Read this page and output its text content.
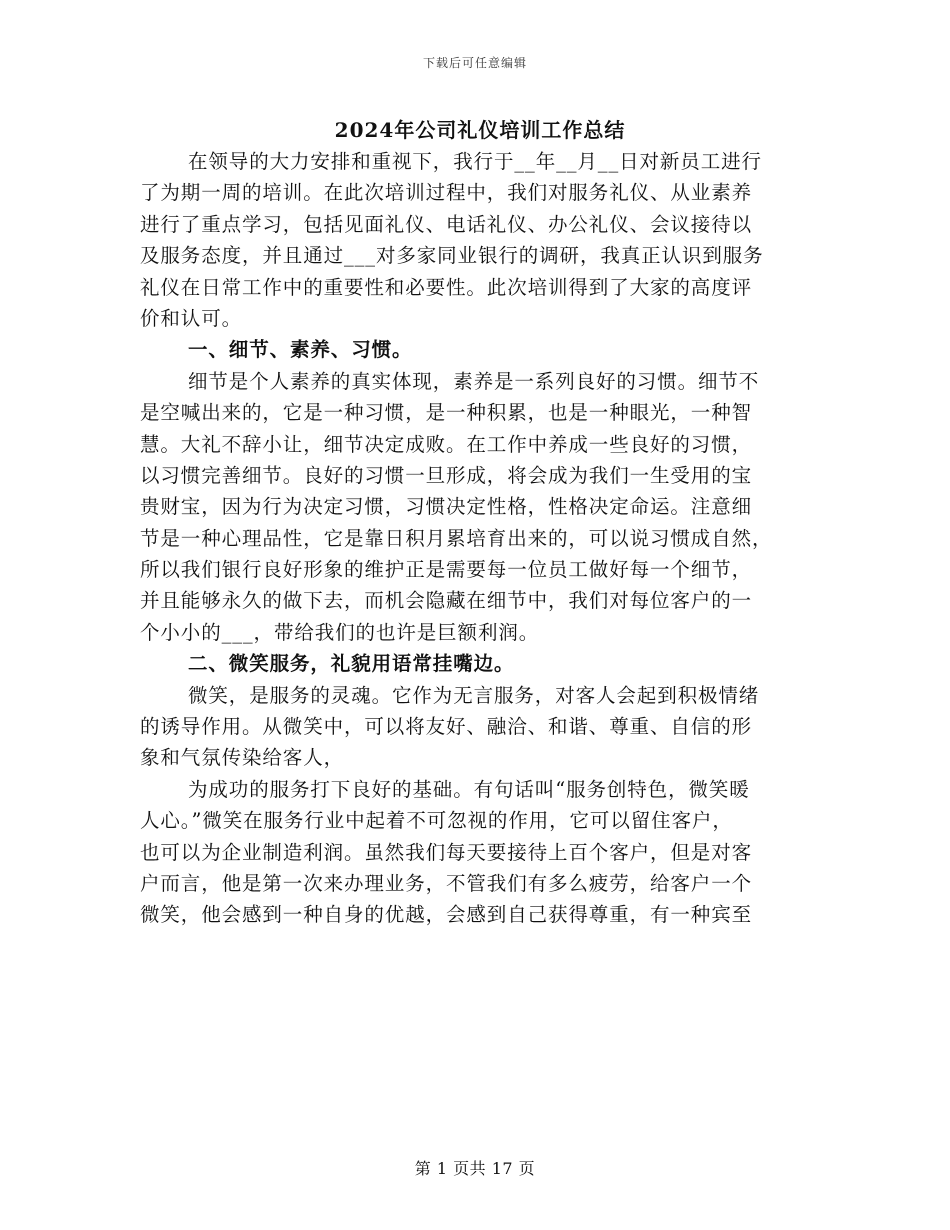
下载后可任意编辑
2024年公司礼仪培训工作总结
在领导的大力安排和重视下，我行于__年__月__日对新员工进行
了为期一周的培训。在此次培训过程中，我们对服务礼仪、从业素养
进行了重点学习，包括见面礼仪、电话礼仪、办公礼仪、会议接待以
及服务态度，并且通过___对多家同业银行的调研，我真正认识到服务
礼仪在日常工作中的重要性和必要性。此次培训得到了大家的高度评
价和认可。
一、细节、素养、习惯。
细节是个人素养的真实体现，素养是一系列良好的习惯。细节不
是空喊出来的，它是一种习惯，是一种积累，也是一种眼光，一种智
慧。大礼不辞小让，细节决定成败。在工作中养成一些良好的习惯，
以习惯完善细节。良好的习惯一旦形成，将会成为我们一生受用的宝
贵财宝，因为行为决定习惯，习惯决定性格，性格决定命运。注意细
节是一种心理品性，它是靠日积月累培育出来的，可以说习惯成自然，
所以我们银行良好形象的维护正是需要每一位员工做好每一个细节，
并且能够永久的做下去，而机会隐藏在细节中，我们对每位客户的一
个小小的___，带给我们的也许是巨额利润。
二、微笑服务，礼貌用语常挂嘴边。
微笑，是服务的灵魂。它作为无言服务，对客人会起到积极情绪
的诱导作用。从微笑中，可以将友好、融洽、和谐、尊重、自信的形
象和气氛传染给客人，
为成功的服务打下良好的基础。有句话叫“服务创特色，微笑暖
人心。”微笑在服务行业中起着不可忽视的作用，它可以留住客户，
也可以为企业制造利润。虽然我们每天要接待上百个客户，但是对客
户而言，他是第一次来办理业务，不管我们有多么疲劳，给客户一个
微笑，他会感到一种自身的优越，会感到自己获得尊重，有一种宾至
第 1 页共 17 页
